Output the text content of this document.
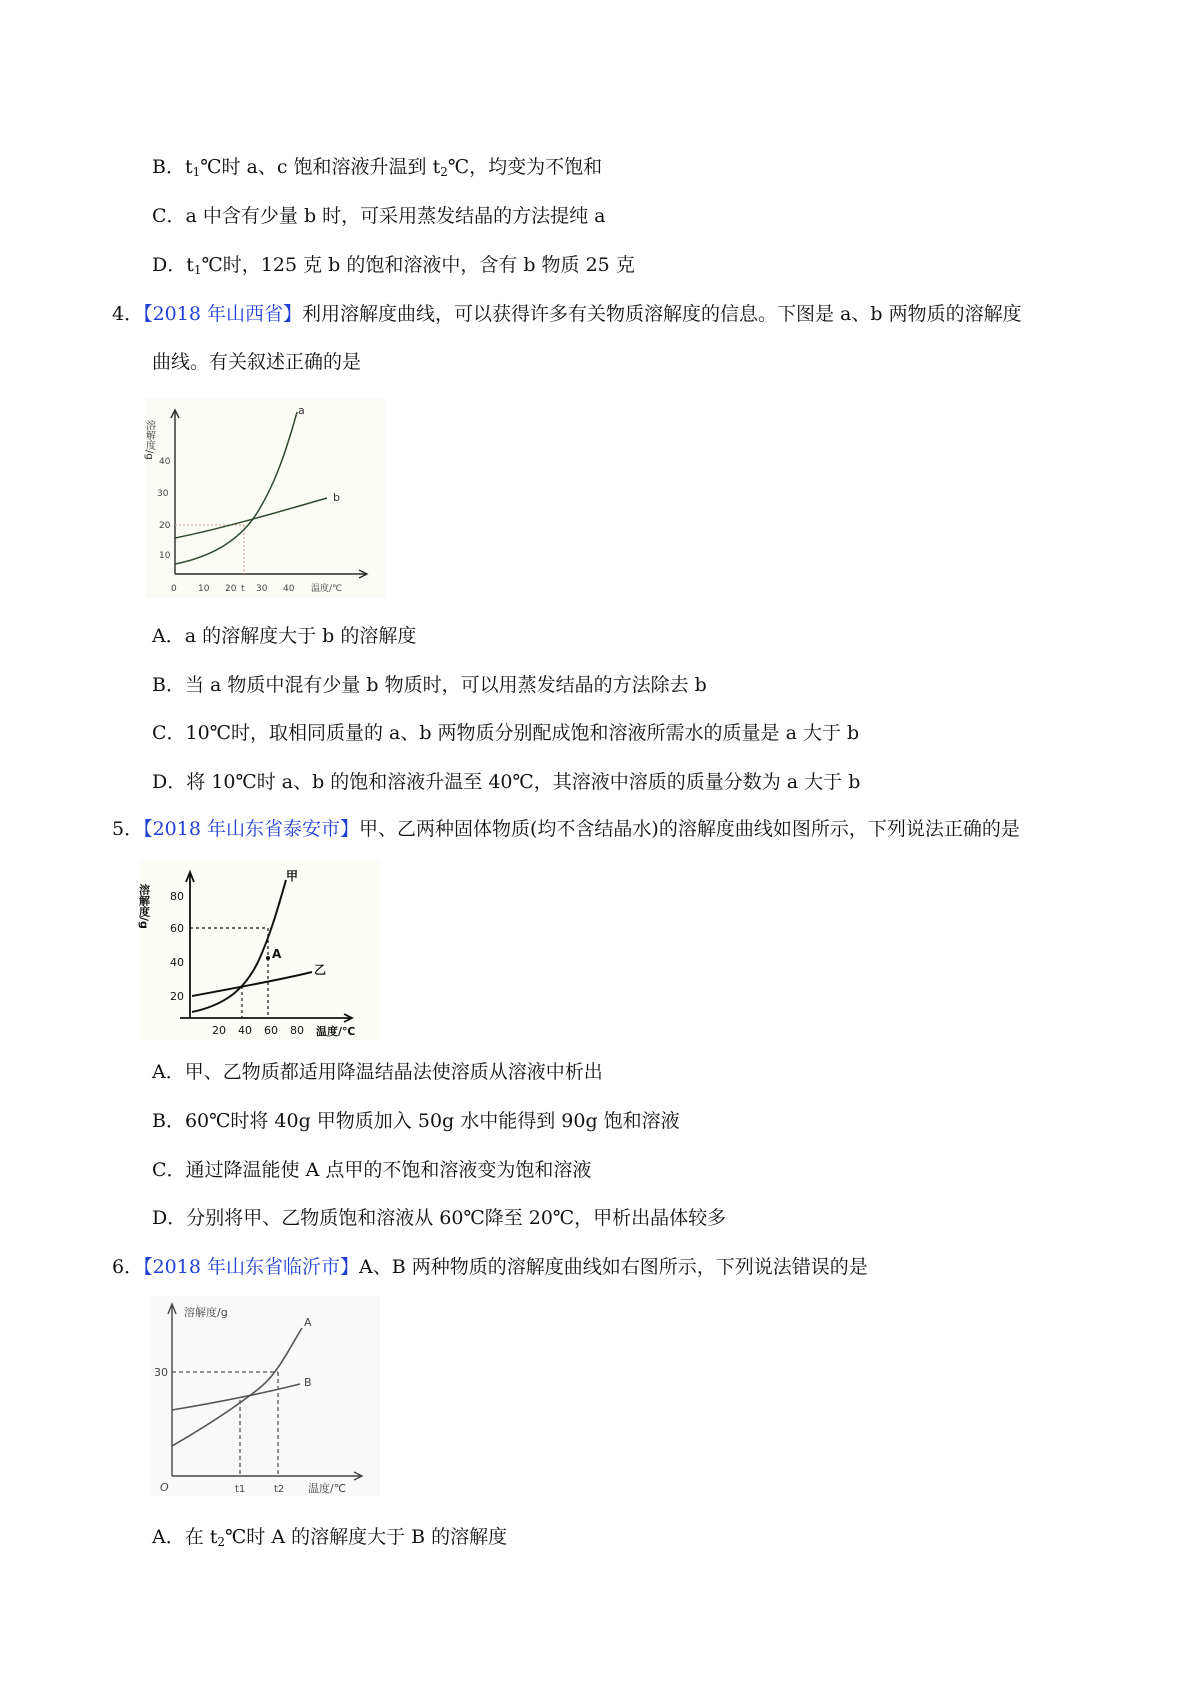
B．$t_1℃$时 a、c 饱和溶液升温到 $t_2℃$，均变为不饱和
C．a 中含有少量 b 时，可采用蒸发结晶的方法提纯 a
D．$t_1℃$时，125 克 b 的饱和溶液中，含有 b 物质 25 克
4．【2018 年山西省】利用溶解度曲线，可以获得许多有关物质溶解度的信息。下图是 a、b 两物质的溶解度
曲线。有关叙述正确的是
溶解度/g
10
20
30
40
0 10 20 t 30 40 温度/℃
a
b
A．a 的溶解度大于 b 的溶解度
B．当 a 物质中混有少量 b 物质时，可以用蒸发结晶的方法除去 b
C．10℃时，取相同质量的 a、b 两物质分别配成饱和溶液所需水的质量是 a 大于 b
D．将 10℃时 a、b 的饱和溶液升温至 40℃，其溶液中溶质的质量分数为 a 大于 b
5．【2018 年山东省泰安市】甲、乙两种固体物质(均不含结晶水)的溶解度曲线如图所示，下列说法正确的是
溶解度/g
20
40
60
80
20 40 60 80 温度/℃
A
甲
乙
A．甲、乙物质都适用降温结晶法使溶质从溶液中析出
B．60℃时将 40g 甲物质加入 50g 水中能得到 90g 饱和溶液
C．通过降温能使 A 点甲的不饱和溶液变为饱和溶液
D．分别将甲、乙物质饱和溶液从 60℃降至 20℃，甲析出晶体较多
6．【2018 年山东省临沂市】A、B 两种物质的溶解度曲线如右图所示，下列说法错误的是
溶解度/g
30
O	t1	t2 温度/℃
A
B
A．在 $t_2℃$时 A 的溶解度大于 B 的溶解度
